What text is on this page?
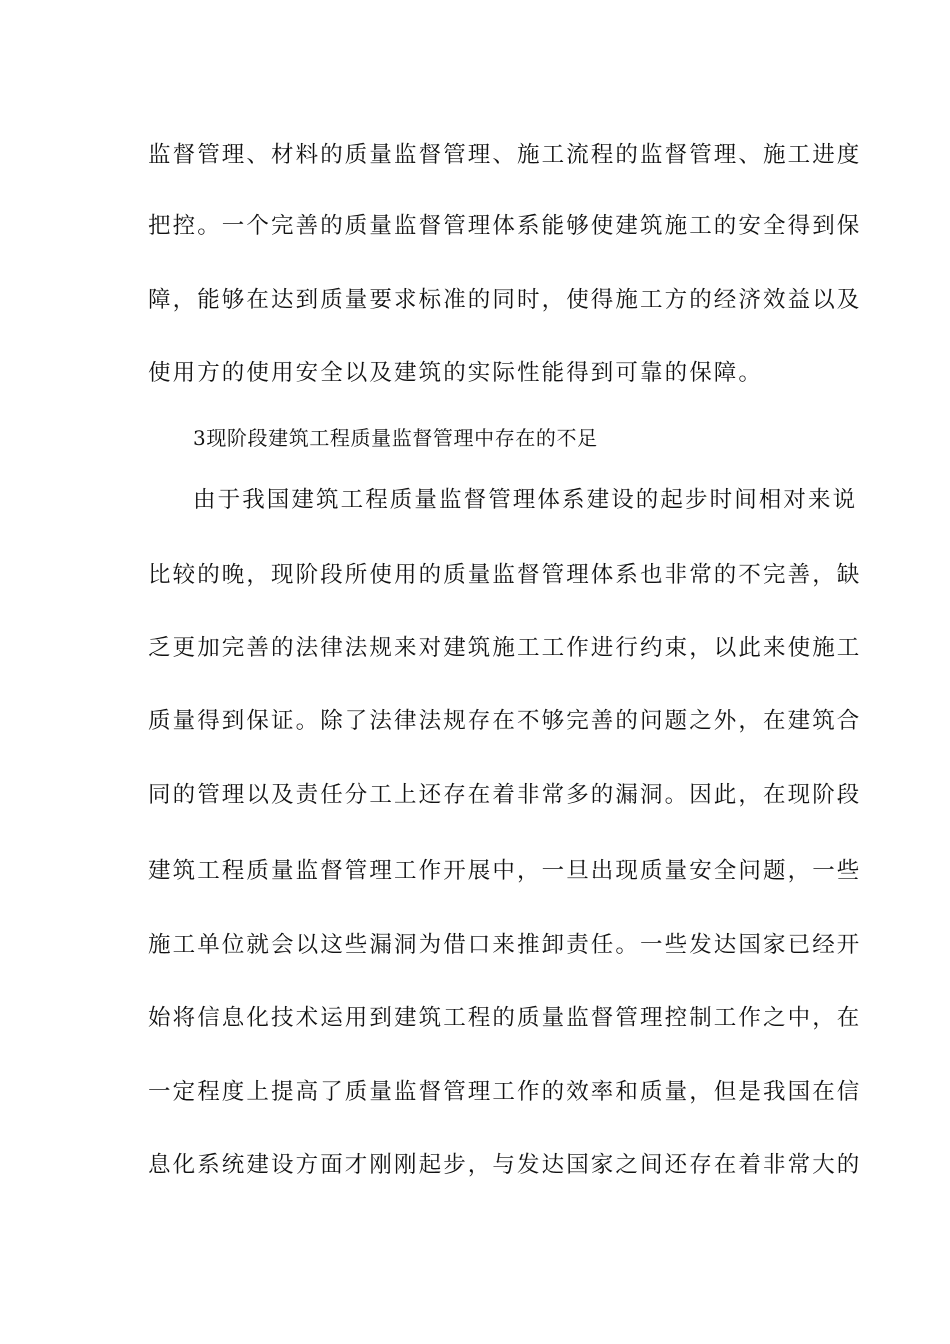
监督管理、材料的质量监督管理、施工流程的监督管理、施工进度
把控。一个完善的质量监督管理体系能够使建筑施工的安全得到保
障，能够在达到质量要求标准的同时，使得施工方的经济效益以及
使用方的使用安全以及建筑的实际性能得到可靠的保障。
3现阶段建筑工程质量监督管理中存在的不足
由于我国建筑工程质量监督管理体系建设的起步时间相对来说
比较的晚，现阶段所使用的质量监督管理体系也非常的不完善，缺
乏更加完善的法律法规来对建筑施工工作进行约束，以此来使施工
质量得到保证。除了法律法规存在不够完善的问题之外，在建筑合
同的管理以及责任分工上还存在着非常多的漏洞。因此，在现阶段
建筑工程质量监督管理工作开展中，一旦出现质量安全问题，一些
施工单位就会以这些漏洞为借口来推卸责任。一些发达国家已经开
始将信息化技术运用到建筑工程的质量监督管理控制工作之中，在
一定程度上提高了质量监督管理工作的效率和质量，但是我国在信
息化系统建设方面才刚刚起步，与发达国家之间还存在着非常大的
